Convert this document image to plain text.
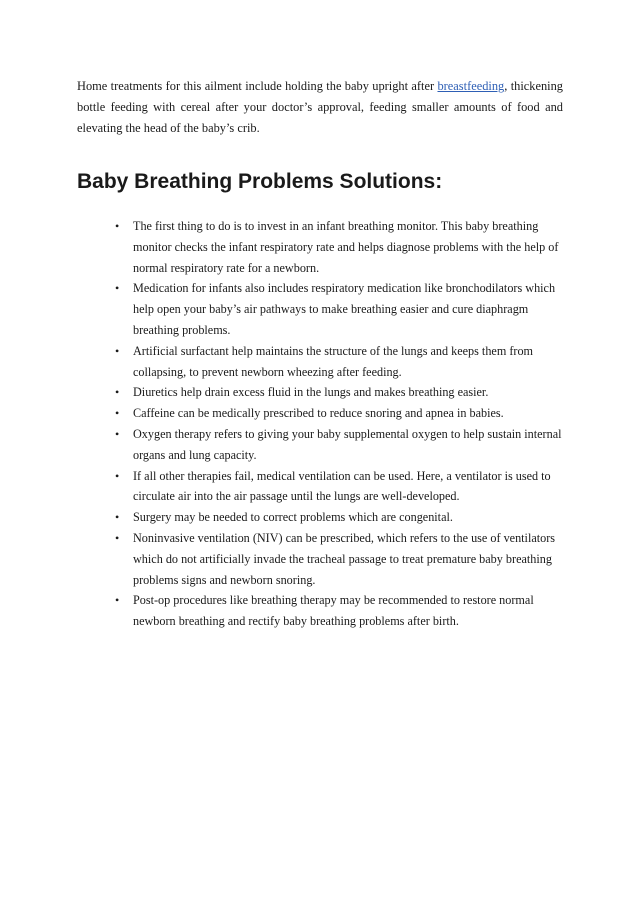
Home treatments for this ailment include holding the baby upright after breastfeeding, thickening bottle feeding with cereal after your doctor’s approval, feeding smaller amounts of food and elevating the head of the baby’s crib.

Baby Breathing Problems Solutions:
• The first thing to do is to invest in an infant breathing monitor. This baby breathing monitor checks the infant respiratory rate and helps diagnose problems with the help of normal respiratory rate for a newborn.
• Medication for infants also includes respiratory medication like bronchodilators which help open your baby’s air pathways to make breathing easier and cure diaphragm breathing problems.
• Artificial surfactant help maintains the structure of the lungs and keeps them from collapsing, to prevent newborn wheezing after feeding.
• Diuretics help drain excess fluid in the lungs and makes breathing easier.
• Caffeine can be medically prescribed to reduce snoring and apnea in babies.
• Oxygen therapy refers to giving your baby supplemental oxygen to help sustain internal organs and lung capacity.
• If all other therapies fail, medical ventilation can be used. Here, a ventilator is used to circulate air into the air passage until the lungs are well-developed.
• Surgery may be needed to correct problems which are congenital.
• Noninvasive ventilation (NIV) can be prescribed, which refers to the use of ventilators which do not artificially invade the tracheal passage to treat premature baby breathing problems signs and newborn snoring.
• Post-op procedures like breathing therapy may be recommended to restore normal newborn breathing and rectify baby breathing problems after birth.
